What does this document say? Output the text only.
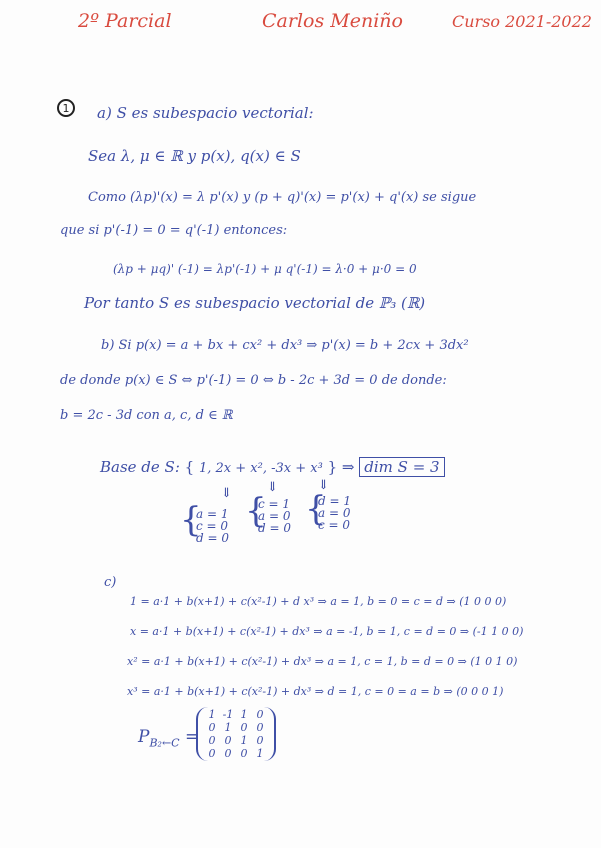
2º Parcial	Carlos Meniño	Curso 2021-2022
1	a) S es subespacio vectorial:
Sea λ, μ ∈ ℝ y p(x), q(x) ∈ S
Como (λp)'(x) = λ p'(x) y (p + q)'(x) = p'(x) + q'(x) se sigue
que si p'(-1) = 0 = q'(-1) entonces:
(λp + μq)' (-1) = λp'(-1) + μ q'(-1) = λ·0 + μ·0 = 0
Por tanto S es subespacio vectorial de ℙ₃ (ℝ)
b) Si p(x) = a + bx + cx² + dx³ ⇒ p'(x) = b + 2cx + 3dx²
de donde p(x) ∈ S ⇔ p'(-1) = 0 ⇔ b - 2c + 3d = 0 de donde:
b = 2c - 3d con a, c, d ∈ ℝ
Base de S: { 1, 2x + x², -3x + x³ } ⇒ dim S = 3
⇓	⇓	⇓
{
a = 1
c = 0
d = 0
{
c = 1
a = 0
d = 0 {
d = 1
a = 0
c = 0
c)
1 = a·1 + b(x+1) + c(x²-1) + d x³ ⇒ a = 1, b = 0 = c = d ⇒ (1 0 0 0)
x = a·1 + b(x+1) + c(x²-1) + dx³ ⇒ a = -1, b = 1, c = d = 0 ⇒ (-1 1 0 0)
x² = a·1 + b(x+1) + c(x²-1) + dx³ ⇒ a = 1, c = 1, b = d = 0 ⇒ (1 0 1 0)
x³ = a·1 + b(x+1) + c(x²-1) + dx³ ⇒ d = 1, c = 0 = a = b ⇒ (0 0 0 1)
$P_{B_2\leftarrow C}$ =
1 -1 1 0
0 1 0 0
0 0 1 0
0 0 0 1
